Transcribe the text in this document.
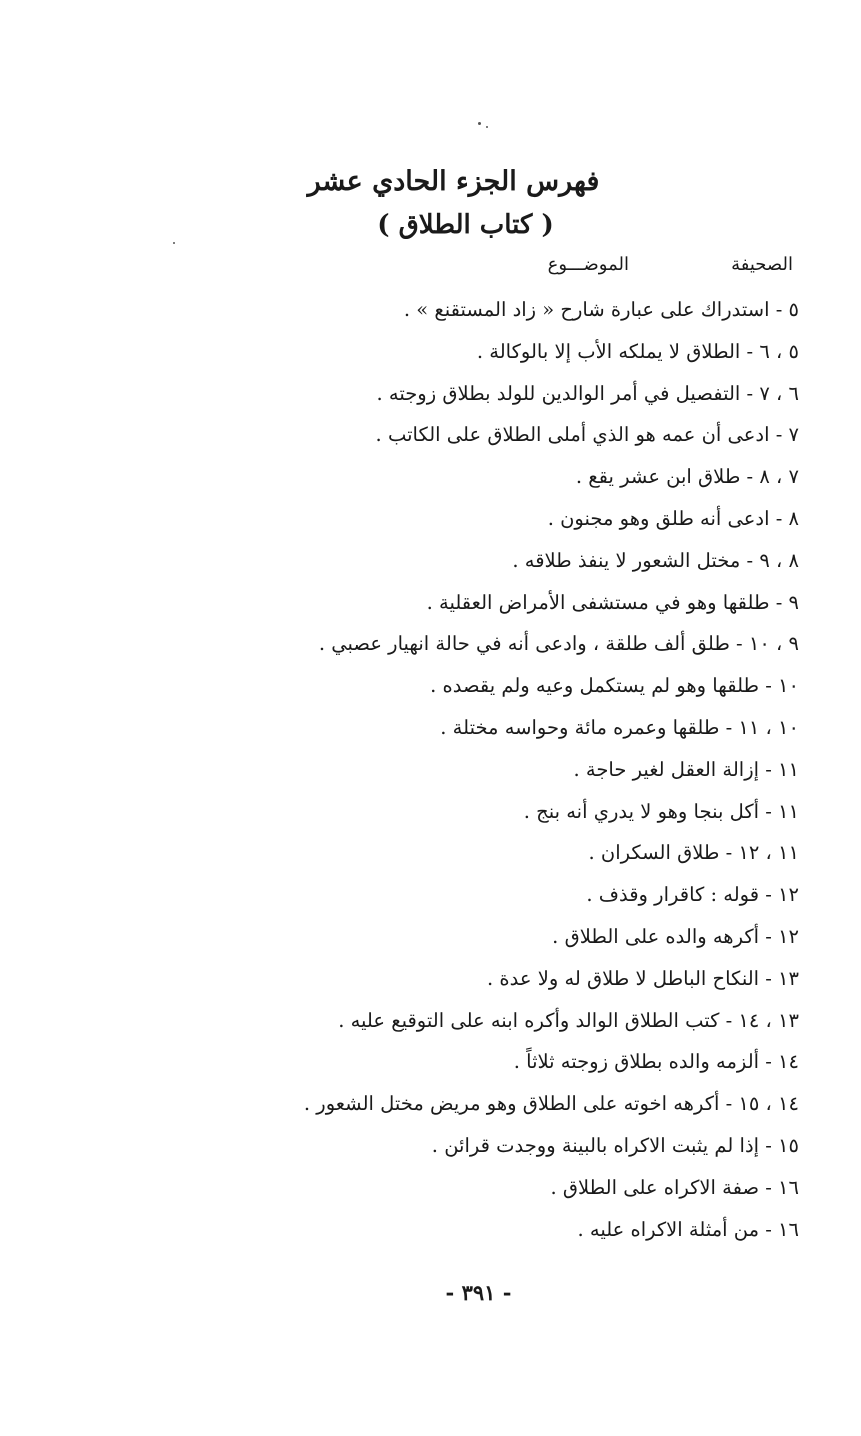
فهرس الجزء الحادي عشر
( كتاب الطلاق )
الصحيفة
الموضـــوع
٥ - استدراك على عبارة شارح « زاد المستقنع » .
٥ ، ٦ - الطلاق لا يملكه الأب إلا بالوكالة .
٦ ، ٧ - التفصيل في أمر الوالدين للولد بطلاق زوجته .
٧ - ادعى أن عمه هو الذي أملى الطلاق على الكاتب .
٧ ، ٨ - طلاق ابن عشر يقع .
٨ - ادعى أنه طلق وهو مجنون .
٨ ، ٩ - مختل الشعور لا ينفذ طلاقه .
٩ - طلقها وهو في مستشفى الأمراض العقلية .
٩ ، ١٠ - طلق ألف طلقة ، وادعى أنه في حالة انهيار عصبي .
١٠ - طلقها وهو لم يستكمل وعيه ولم يقصده .
١٠ ، ١١ - طلقها وعمره مائة وحواسه مختلة .
١١ - إزالة العقل لغير حاجة .
١١ - أكل بنجا وهو لا يدري أنه بنج .
١١ ، ١٢ - طلاق السكران .
١٢ - قوله : كاقرار وقذف .
١٢ - أكرهه والده على الطلاق .
١٣ - النكاح الباطل لا طلاق له ولا عدة .
١٣ ، ١٤ - كتب الطلاق الوالد وأكره ابنه على التوقيع عليه .
١٤ - ألزمه والده بطلاق زوجته ثلاثاً .
١٤ ، ١٥ - أكرهه اخوته على الطلاق وهو مريض مختل الشعور .
١٥ - إذا لم يثبت الاكراه بالبينة ووجدت قرائن .
١٦ - صفة الاكراه على الطلاق .
١٦ - من أمثلة الاكراه عليه .
- ٣٩١ -
